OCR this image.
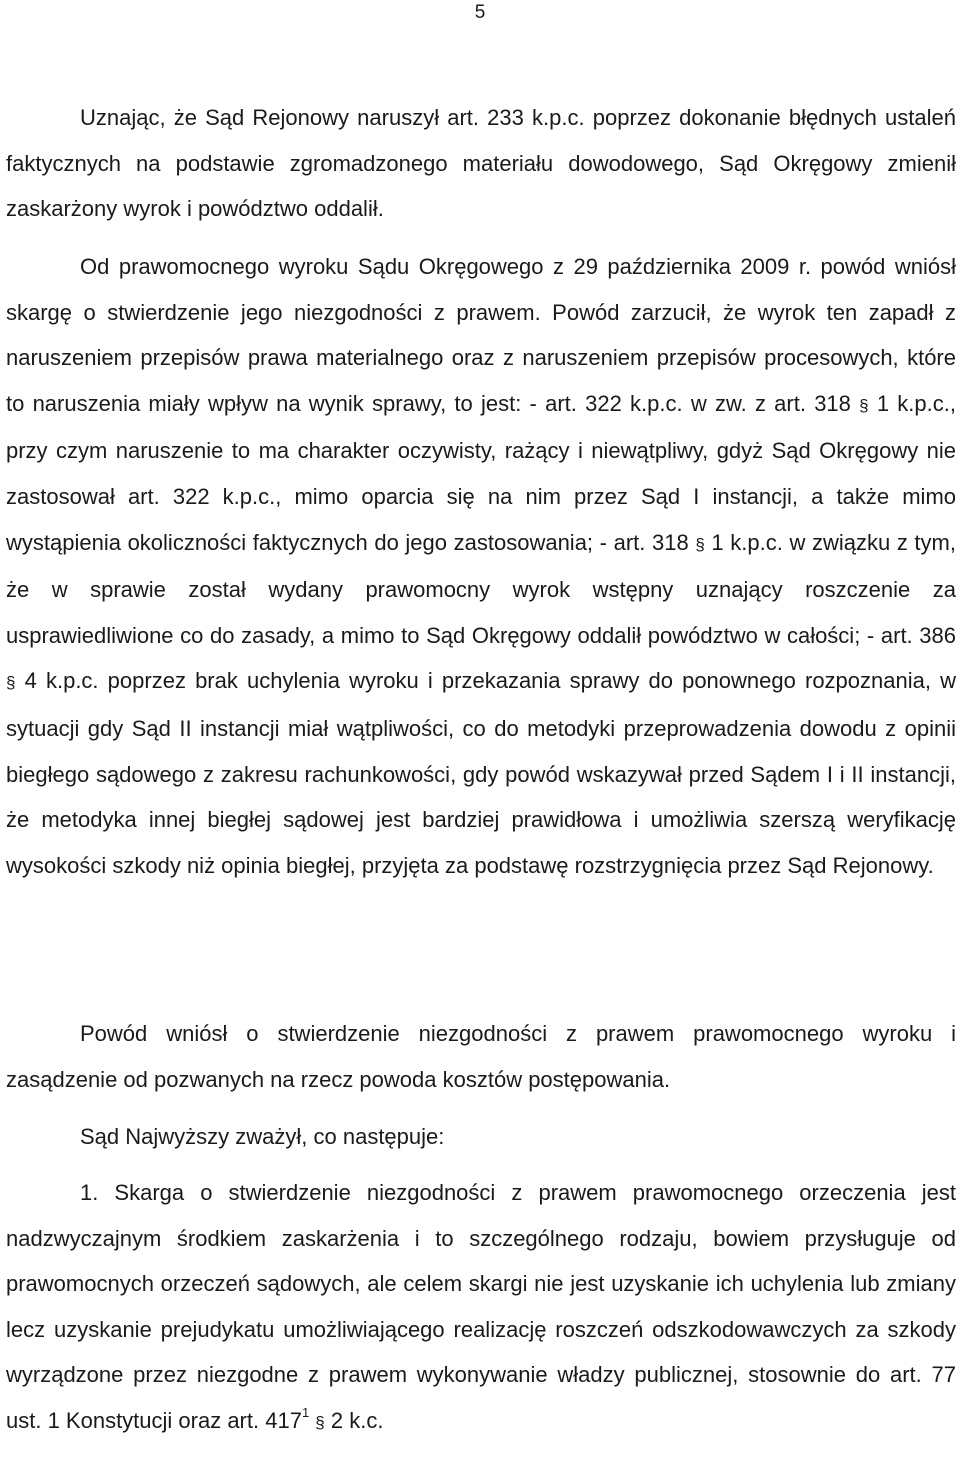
5

Uznając, że Sąd Rejonowy naruszył art. 233 k.p.c. poprzez dokonanie błędnych ustaleń faktycznych na podstawie zgromadzonego materiału dowodowego, Sąd Okręgowy zmienił zaskarżony wyrok i powództwo oddalił.

Od prawomocnego wyroku Sądu Okręgowego z 29 października 2009 r. powód wniósł skargę o stwierdzenie jego niezgodności z prawem. Powód zarzucił, że wyrok ten zapadł z naruszeniem przepisów prawa materialnego oraz z naruszeniem przepisów procesowych, które to naruszenia miały wpływ na wynik sprawy, to jest: - art. 322 k.p.c. w zw. z art. 318 § 1 k.p.c., przy czym naruszenie to ma charakter oczywisty, rażący i niewątpliwy, gdyż Sąd Okręgowy nie zastosował art. 322 k.p.c., mimo oparcia się na nim przez Sąd I instancji, a także mimo wystąpienia okoliczności faktycznych do jego zastosowania; - art. 318 § 1 k.p.c. w związku z tym, że w sprawie został wydany prawomocny wyrok wstępny uznający roszczenie za usprawiedliwione co do zasady, a mimo to Sąd Okręgowy oddalił powództwo w całości; - art. 386 § 4 k.p.c. poprzez brak uchylenia wyroku i przekazania sprawy do ponownego rozpoznania, w sytuacji gdy Sąd II instancji miał wątpliwości, co do metodyki przeprowadzenia dowodu z opinii biegłego sądowego z zakresu rachunkowości, gdy powód wskazywał przed Sądem I i II instancji, że metodyka innej biegłej sądowej jest bardziej prawidłowa i umożliwia szerszą weryfikację wysokości szkody niż opinia biegłej, przyjęta za podstawę rozstrzygnięcia przez Sąd Rejonowy.

Powód wniósł o stwierdzenie niezgodności z prawem prawomocnego wyroku i zasądzenie od pozwanych na rzecz powoda kosztów postępowania.

Sąd Najwyższy zważył, co następuje:

1. Skarga o stwierdzenie niezgodności z prawem prawomocnego orzeczenia jest nadzwyczajnym środkiem zaskarżenia i to szczególnego rodzaju, bowiem przysługuje od prawomocnych orzeczeń sądowych, ale celem skargi nie jest uzyskanie ich uchylenia lub zmiany lecz uzyskanie prejudykatu umożliwiającego realizację roszczeń odszkodowawczych za szkody wyrządzone przez niezgodne z prawem wykonywanie władzy publicznej, stosownie do art. 77 ust. 1 Konstytucji oraz art. $417^1$ § 2 k.c.
